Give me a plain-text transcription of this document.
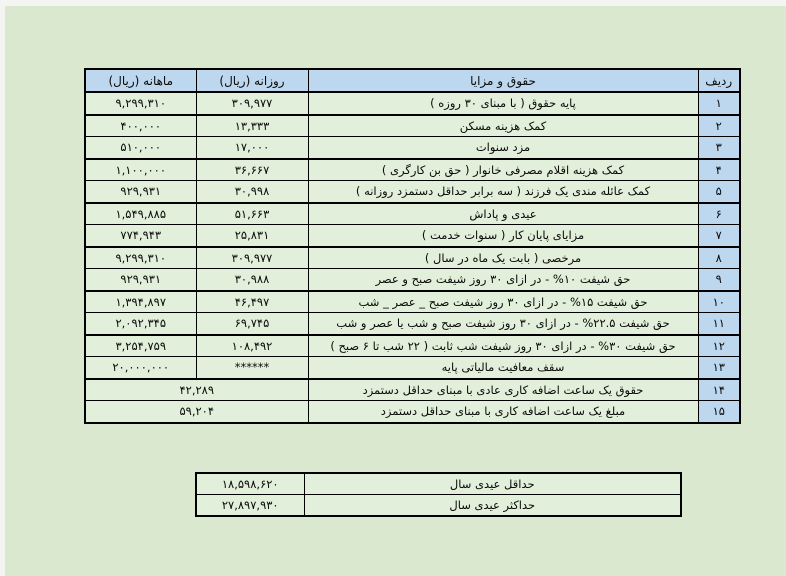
ردیف	حقوق و مزایا	روزانه (ریال)	ماهانه (ریال)
۱	پایه حقوق ( با مبنای ۳۰ روزه )	۳۰۹,۹۷۷	۹,۲۹۹,۳۱۰
۲	کمک هزینه مسکن	۱۳,۳۳۳	۴۰۰,۰۰۰
۳	مزد سنوات	۱۷,۰۰۰	۵۱۰,۰۰۰
۴	کمک هزینه اقلام مصرفی خانوار ( حق بن کارگری )	۳۶,۶۶۷	۱,۱۰۰,۰۰۰
۵	کمک عائله مندی یک فرزند ( سه برابر حداقل دستمزد روزانه )	۳۰,۹۹۸	۹۲۹,۹۳۱
۶	عیدی و پاداش	۵۱,۶۶۳	۱,۵۴۹,۸۸۵
۷	مزایای پایان کار ( سنوات خدمت )	۲۵,۸۳۱	۷۷۴,۹۴۳
۸	مرخصی ( بابت یک ماه در سال )	۳۰۹,۹۷۷	۹,۲۹۹,۳۱۰
۹	حق شیفت ۱۰% - در ازای ۳۰ روز شیفت صبح و عصر	۳۰,۹۸۸	۹۲۹,۹۳۱
۱۰	حق شیفت ۱۵% - در ازای ۳۰ روز شیفت صبح _ عصر _ شب	۴۶,۴۹۷	۱,۳۹۴,۸۹۷
۱۱	حق شیفت ۲۲.۵% - در ازای ۳۰ روز شیفت صبح و شب یا عصر و شب	۶۹,۷۴۵	۲,۰۹۲,۳۴۵
۱۲	حق شیفت ۳۰% - در ازای ۳۰ روز شیفت شب ثابت ( ۲۲ شب تا ۶ صبح )	۱۰۸,۴۹۲	۳,۲۵۴,۷۵۹
۱۳	سقف معافیت مالیاتی پایه	******	۲۰,۰۰۰,۰۰۰
۱۴	حقوق یک ساعت اضافه کاری عادی با مبنای حداقل دستمزد	۴۲,۲۸۹	
۱۵	مبلغ یک ساعت اضافه کاری با مبنای حداقل دستمزد	۵۹,۲۰۴	
حداقل عیدی سال	۱۸,۵۹۸,۶۲۰
حداکثر عیدی سال	۲۷,۸۹۷,۹۳۰
